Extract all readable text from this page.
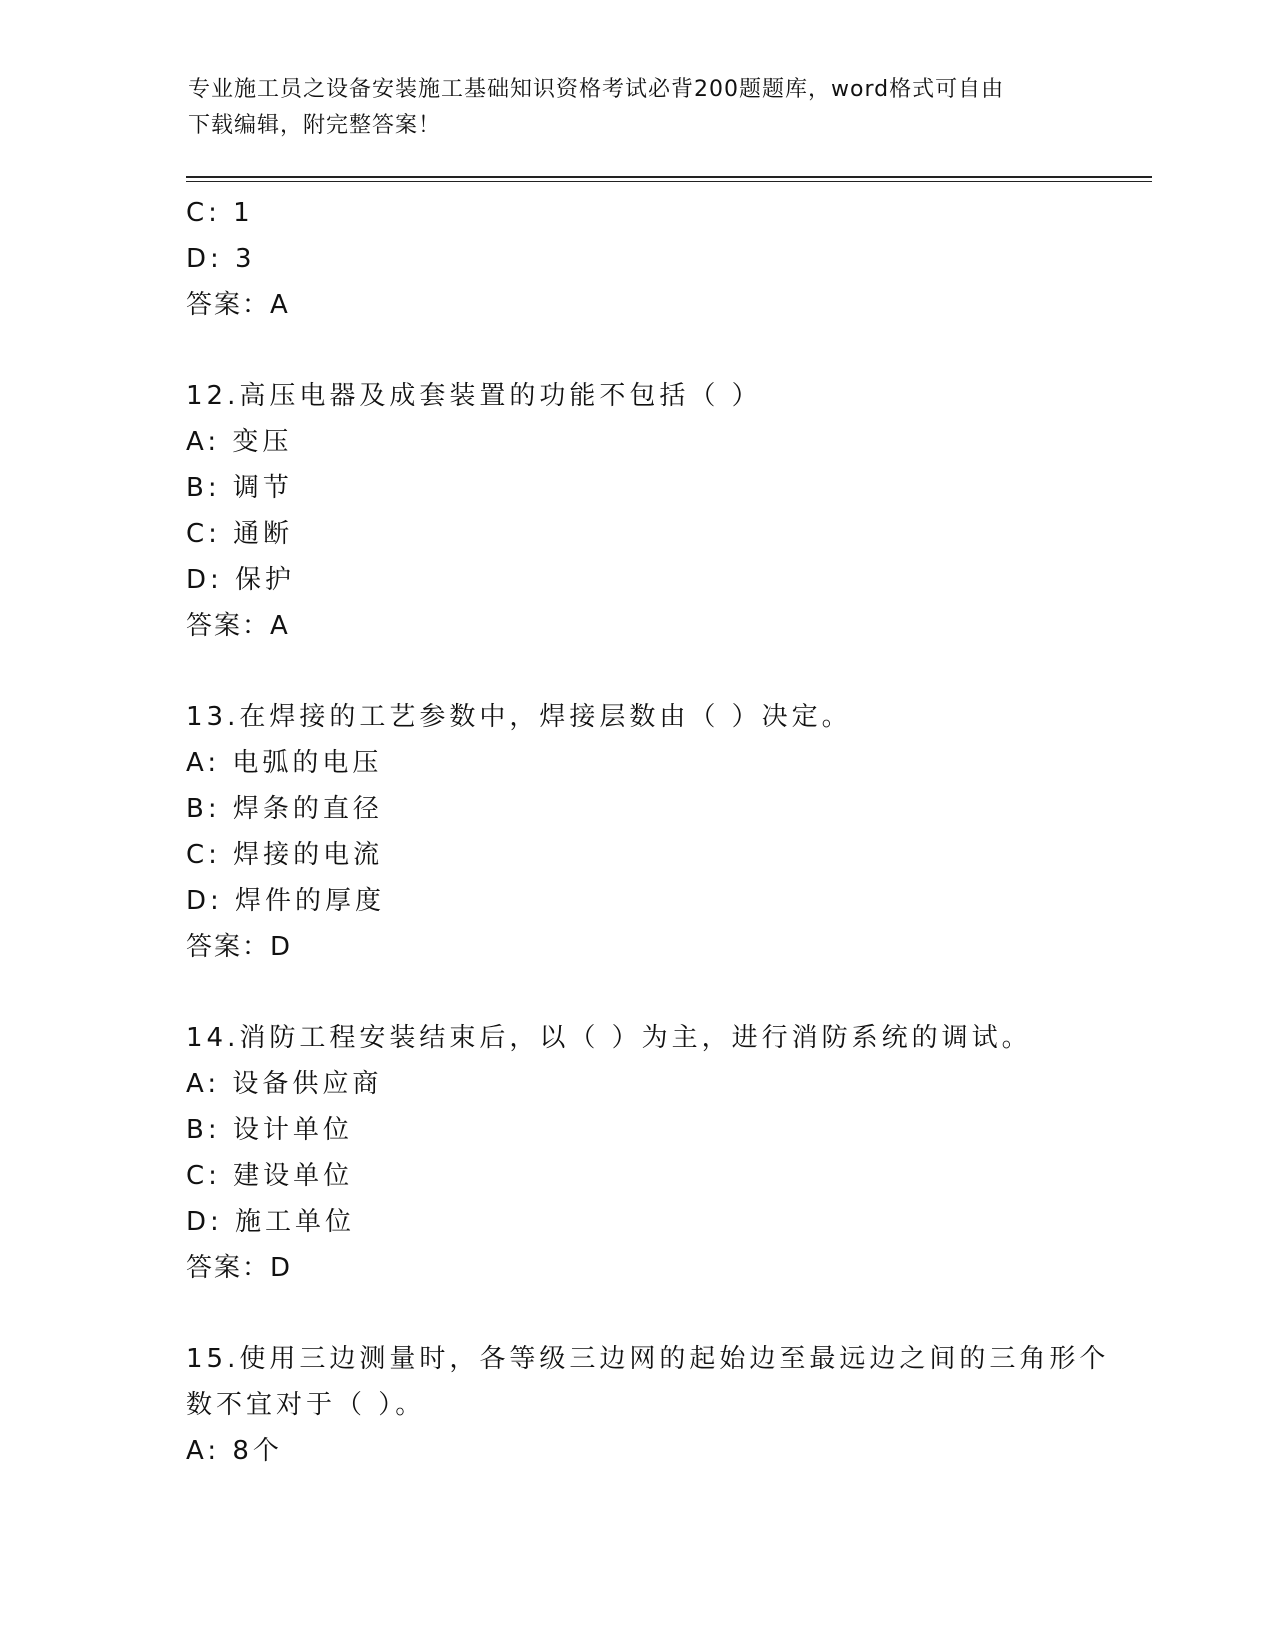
专业施工员之设备安装施工基础知识资格考试必背200题题库，word格式可自由
下载编辑，附完整答案！
C: 1
D: 3
答案：A
12.高压电器及成套装置的功能不包括（ ）
A: 变压
B: 调节
C: 通断
D: 保护
答案：A
13.在焊接的工艺参数中，焊接层数由（ ）决定。
A: 电弧的电压
B: 焊条的直径
C: 焊接的电流
D: 焊件的厚度
答案：D
14.消防工程安装结束后，以（ ）为主，进行消防系统的调试。
A: 设备供应商
B: 设计单位
C: 建设单位
D: 施工单位
答案：D
15.使用三边测量时，各等级三边网的起始边至最远边之间的三角形个
数不宜对于（ ）。
A: 8个
